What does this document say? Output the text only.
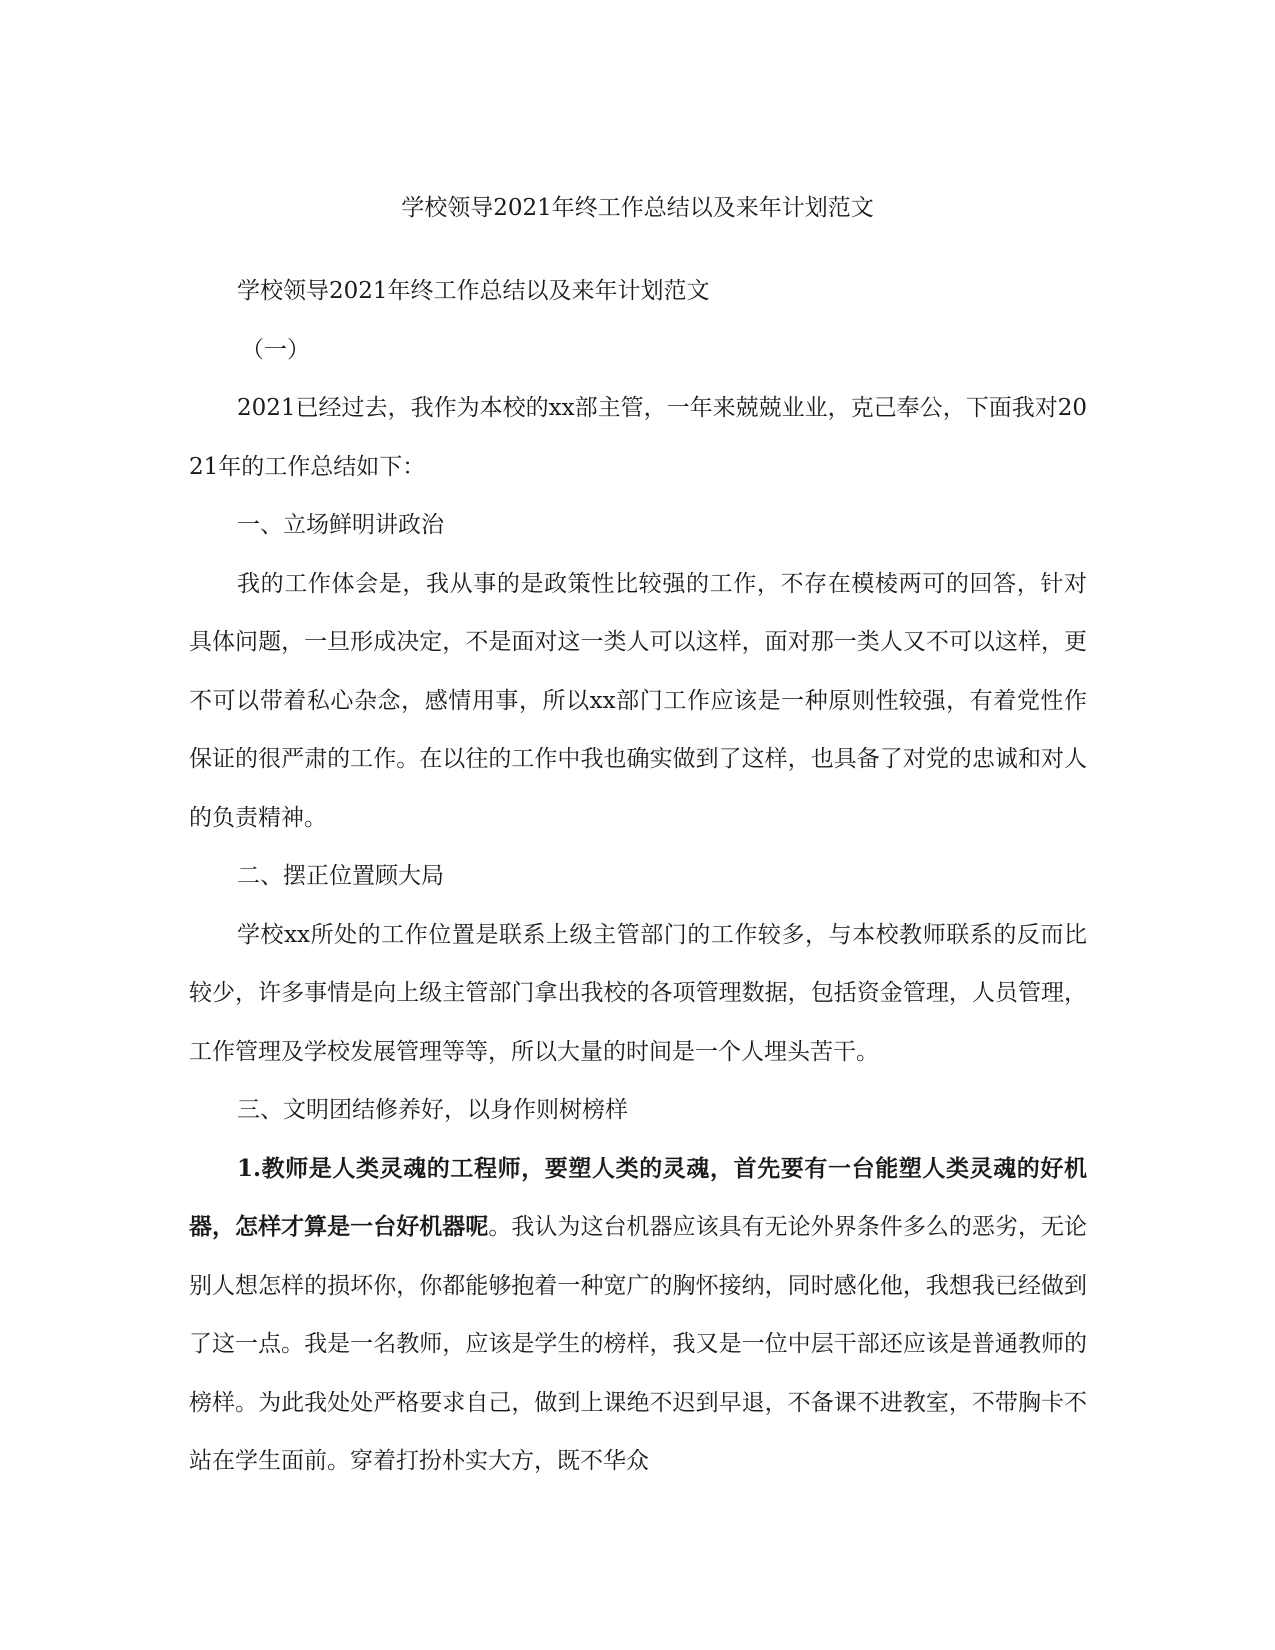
学校领导2021年终工作总结以及来年计划范文

学校领导2021年终工作总结以及来年计划范文

（一）

2021已经过去，我作为本校的xx部主管，一年来兢兢业业，克己奉公，下面我对2021年的工作总结如下：

一、立场鲜明讲政治

我的工作体会是，我从事的是政策性比较强的工作，不存在模棱两可的回答，针对具体问题，一旦形成决定，不是面对这一类人可以这样，面对那一类人又不可以这样，更不可以带着私心杂念，感情用事，所以xx部门工作应该是一种原则性较强，有着党性作保证的很严肃的工作。在以往的工作中我也确实做到了这样，也具备了对党的忠诚和对人的负责精神。

二、摆正位置顾大局

学校xx所处的工作位置是联系上级主管部门的工作较多，与本校教师联系的反而比较少，许多事情是向上级主管部门拿出我校的各项管理数据，包括资金管理，人员管理，工作管理及学校发展管理等等，所以大量的时间是一个人埋头苦干。

三、文明团结修养好，以身作则树榜样

1.教师是人类灵魂的工程师，要塑人类的灵魂，首先要有一台能塑人类灵魂的好机器，怎样才算是一台好机器呢。我认为这台机器应该具有无论外界条件多么的恶劣，无论别人想怎样的损坏你，你都能够抱着一种宽广的胸怀接纳，同时感化他，我想我已经做到了这一点。我是一名教师，应该是学生的榜样，我又是一位中层干部还应该是普通教师的榜样。为此我处处严格要求自己，做到上课绝不迟到早退，不备课不进教室，不带胸卡不站在学生面前。穿着打扮朴实大方，既不华众
